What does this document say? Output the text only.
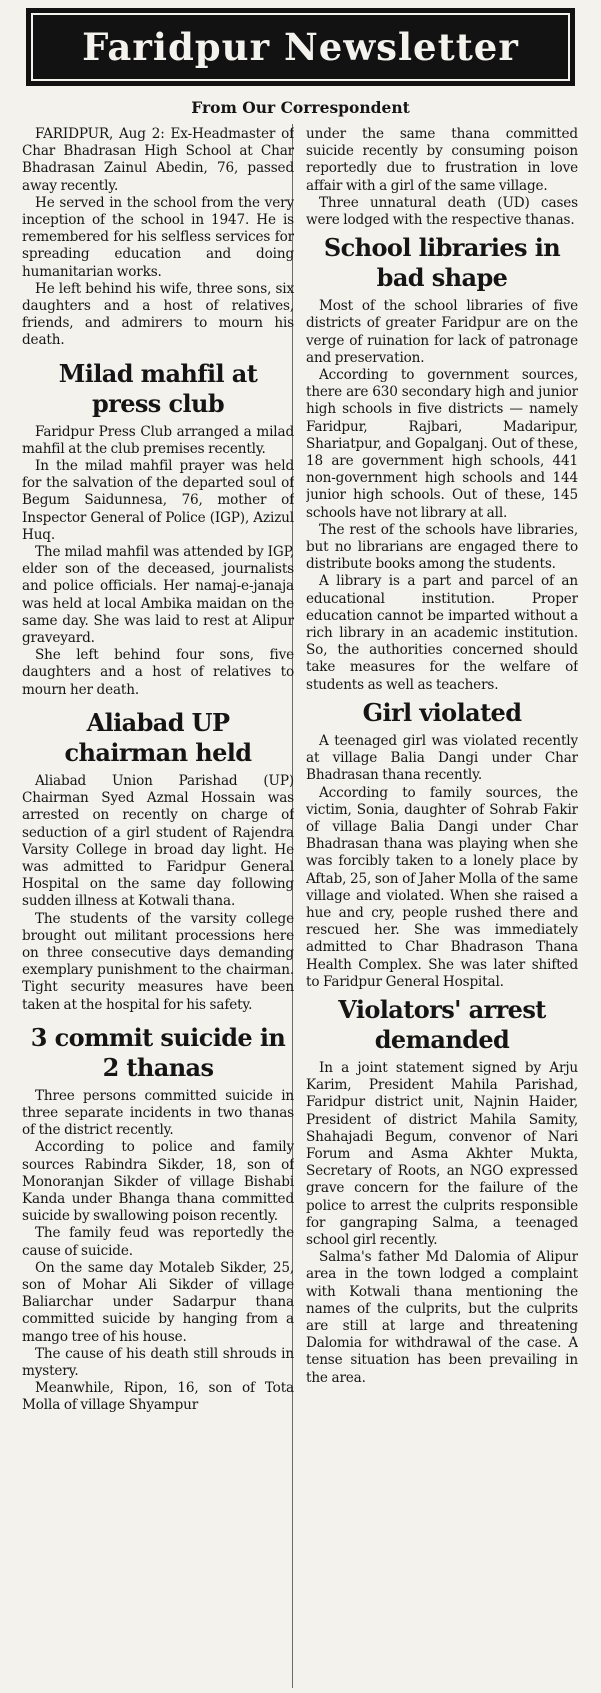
Faridpur Newsletter
From Our Correspondent

FARIDPUR, Aug 2: Ex-Headmaster of Char Bhadrasan High School at Char Bhadrasan Zainul Abedin, 76, passed away recently.

He served in the school from the very inception of the school in 1947. He is remembered for his selfless services for spreading education and doing humanitarian works.

He left behind his wife, three sons, six daughters and a host of relatives, friends, and admirers to mourn his death.

Milad mahfil at press club

Faridpur Press Club arranged a milad mahfil at the club premises recently.

In the milad mahfil prayer was held for the salvation of the departed soul of Begum Saidunnesa, 76, mother of Inspector General of Police (IGP), Azizul Huq.

The milad mahfil was attended by IGP, elder son of the deceased, journalists and police officials. Her namaj-e-janaja was held at local Ambika maidan on the same day. She was laid to rest at Alipur graveyard.

She left behind four sons, five daughters and a host of relatives to mourn her death.

Aliabad UP chairman held

Aliabad Union Parishad (UP) Chairman Syed Azmal Hossain was arrested on recently on charge of seduction of a girl student of Rajendra Varsity College in broad day light. He was admitted to Faridpur General Hospital on the same day following sudden illness at Kotwali thana.

The students of the varsity college brought out militant processions here on three consecutive days demanding exemplary punishment to the chairman. Tight security measures have been taken at the hospital for his safety.

3 commit suicide in 2 thanas

Three persons committed suicide in three separate incidents in two thanas of the district recently.

According to police and family sources Rabindra Sikder, 18, son of Monoranjan Sikder of village Bishabi Kanda under Bhanga thana committed suicide by swallowing poison recently.

The family feud was reportedly the cause of suicide.

On the same day Motaleb Sikder, 25, son of Mohar Ali Sikder of village Baliarchar under Sadarpur thana committed suicide by hanging from a mango tree of his house.

The cause of his death still shrouds in mystery.

Meanwhile, Ripon, 16, son of Tota Molla of village Shyampur

under the same thana committed suicide recently by consuming poison reportedly due to frustration in love affair with a girl of the same village.

Three unnatural death (UD) cases were lodged with the respective thanas.

School libraries in bad shape

Most of the school libraries of five districts of greater Faridpur are on the verge of ruination for lack of patronage and preservation.

According to government sources, there are 630 secondary high and junior high schools in five districts — namely Faridpur, Rajbari, Madaripur, Shariatpur, and Gopalganj. Out of these, 18 are government high schools, 441 non-government high schools and 144 junior high schools. Out of these, 145 schools have not library at all.

The rest of the schools have libraries, but no librarians are engaged there to distribute books among the students.

A library is a part and parcel of an educational institution. Proper education cannot be imparted without a rich library in an academic institution. So, the authorities concerned should take measures for the welfare of students as well as teachers.

Girl violated

A teenaged girl was violated recently at village Balia Dangi under Char Bhadrasan thana recently.

According to family sources, the victim, Sonia, daughter of Sohrab Fakir of village Balia Dangi under Char Bhadrasan thana was playing when she was forcibly taken to a lonely place by Aftab, 25, son of Jaher Molla of the same village and violated. When she raised a hue and cry, people rushed there and rescued her. She was immediately admitted to Char Bhadrason Thana Health Complex. She was later shifted to Faridpur General Hospital.

Violators' arrest demanded

In a joint statement signed by Arju Karim, President Mahila Parishad, Faridpur district unit, Najnin Haider, President of district Mahila Samity, Shahajadi Begum, convenor of Nari Forum and Asma Akhter Mukta, Secretary of Roots, an NGO expressed grave concern for the failure of the police to arrest the culprits responsible for gangraping Salma, a teenaged school girl recently.

Salma's father Md Dalomia of Alipur area in the town lodged a complaint with Kotwali thana mentioning the names of the culprits, but the culprits are still at large and threatening Dalomia for withdrawal of the case. A tense situation has been prevailing in the area.
